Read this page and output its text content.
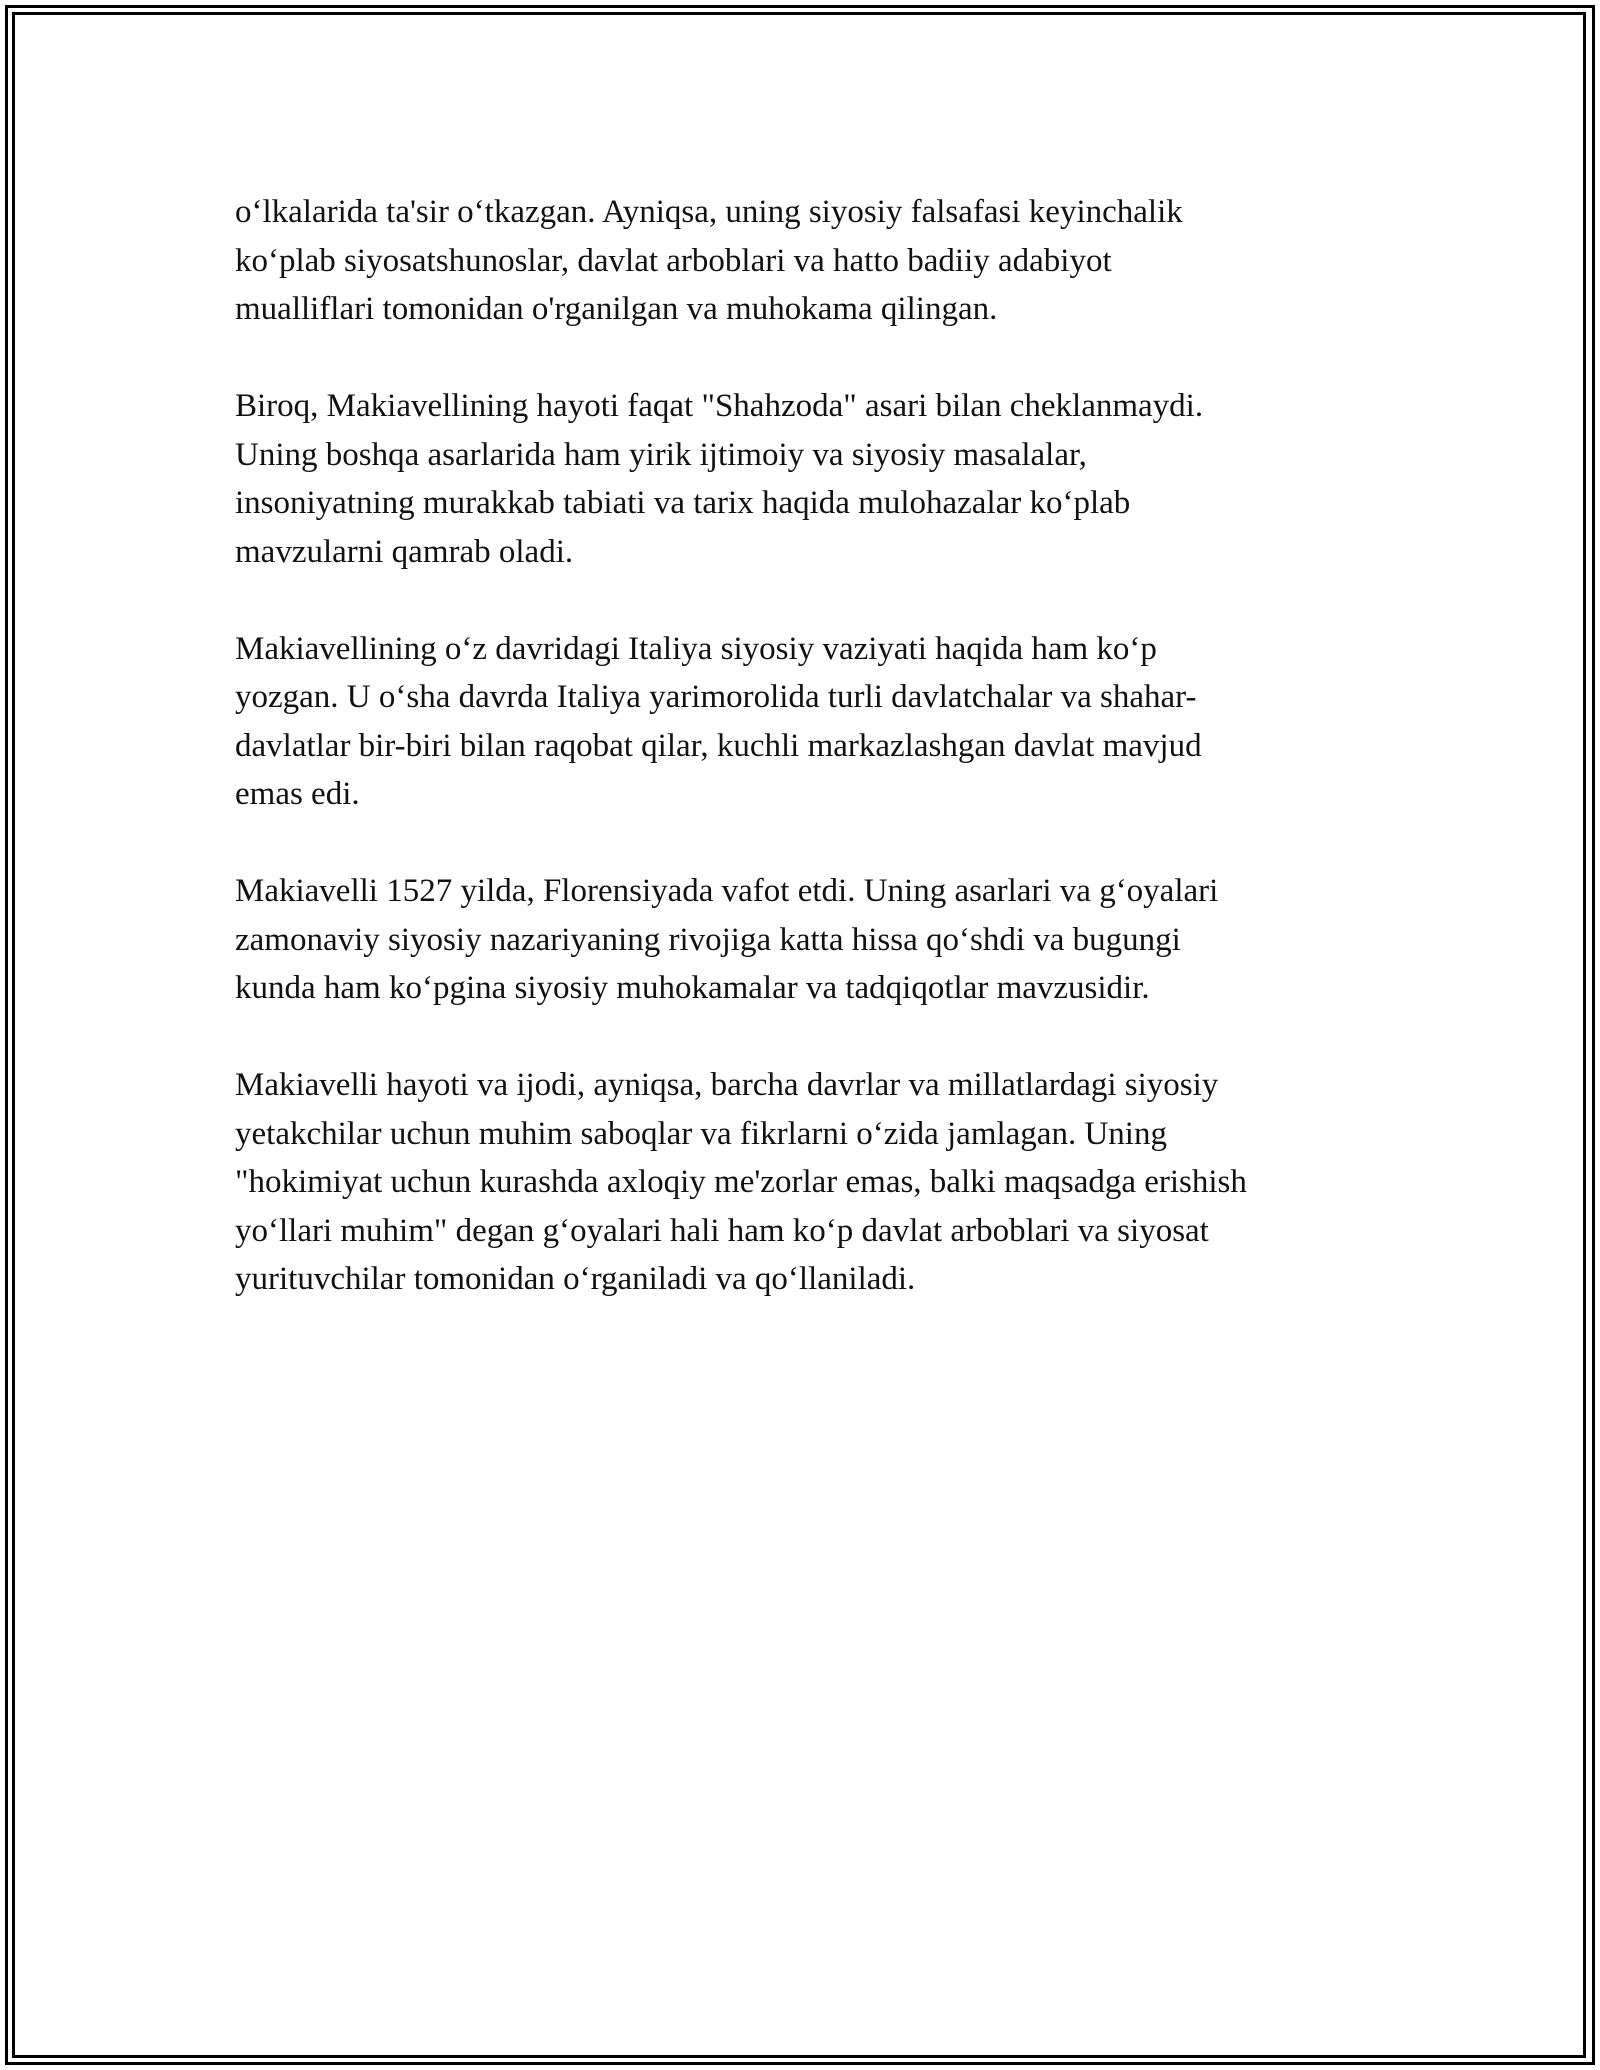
o‘lkalarida ta'sir o‘tkazgan. Ayniqsa, uning siyosiy falsafasi keyinchalik
ko‘plab siyosatshunoslar, davlat arboblari va hatto badiiy adabiyot
mualliflari tomonidan o'rganilgan va muhokama qilingan.

Biroq, Makiavellining hayoti faqat "Shahzoda" asari bilan cheklanmaydi.
Uning boshqa asarlarida ham yirik ijtimoiy va siyosiy masalalar,
insoniyatning murakkab tabiati va tarix haqida mulohazalar ko‘plab
mavzularni qamrab oladi.

Makiavellining o‘z davridagi Italiya siyosiy vaziyati haqida ham ko‘p
yozgan. U o‘sha davrda Italiya yarimorolida turli davlatchalar va shahar-
davlatlar bir-biri bilan raqobat qilar, kuchli markazlashgan davlat mavjud
emas edi.

Makiavelli 1527 yilda, Florensiyada vafot etdi. Uning asarlari va g‘oyalari
zamonaviy siyosiy nazariyaning rivojiga katta hissa qo‘shdi va bugungi
kunda ham ko‘pgina siyosiy muhokamalar va tadqiqotlar mavzusidir.

Makiavelli hayoti va ijodi, ayniqsa, barcha davrlar va millatlardagi siyosiy
yetakchilar uchun muhim saboqlar va fikrlarni o‘zida jamlagan. Uning
"hokimiyat uchun kurashda axloqiy me'zorlar emas, balki maqsadga erishish
yo‘llari muhim" degan g‘oyalari hali ham ko‘p davlat arboblari va siyosat
yurituvchilar tomonidan o‘rganiladi va qo‘llaniladi.
